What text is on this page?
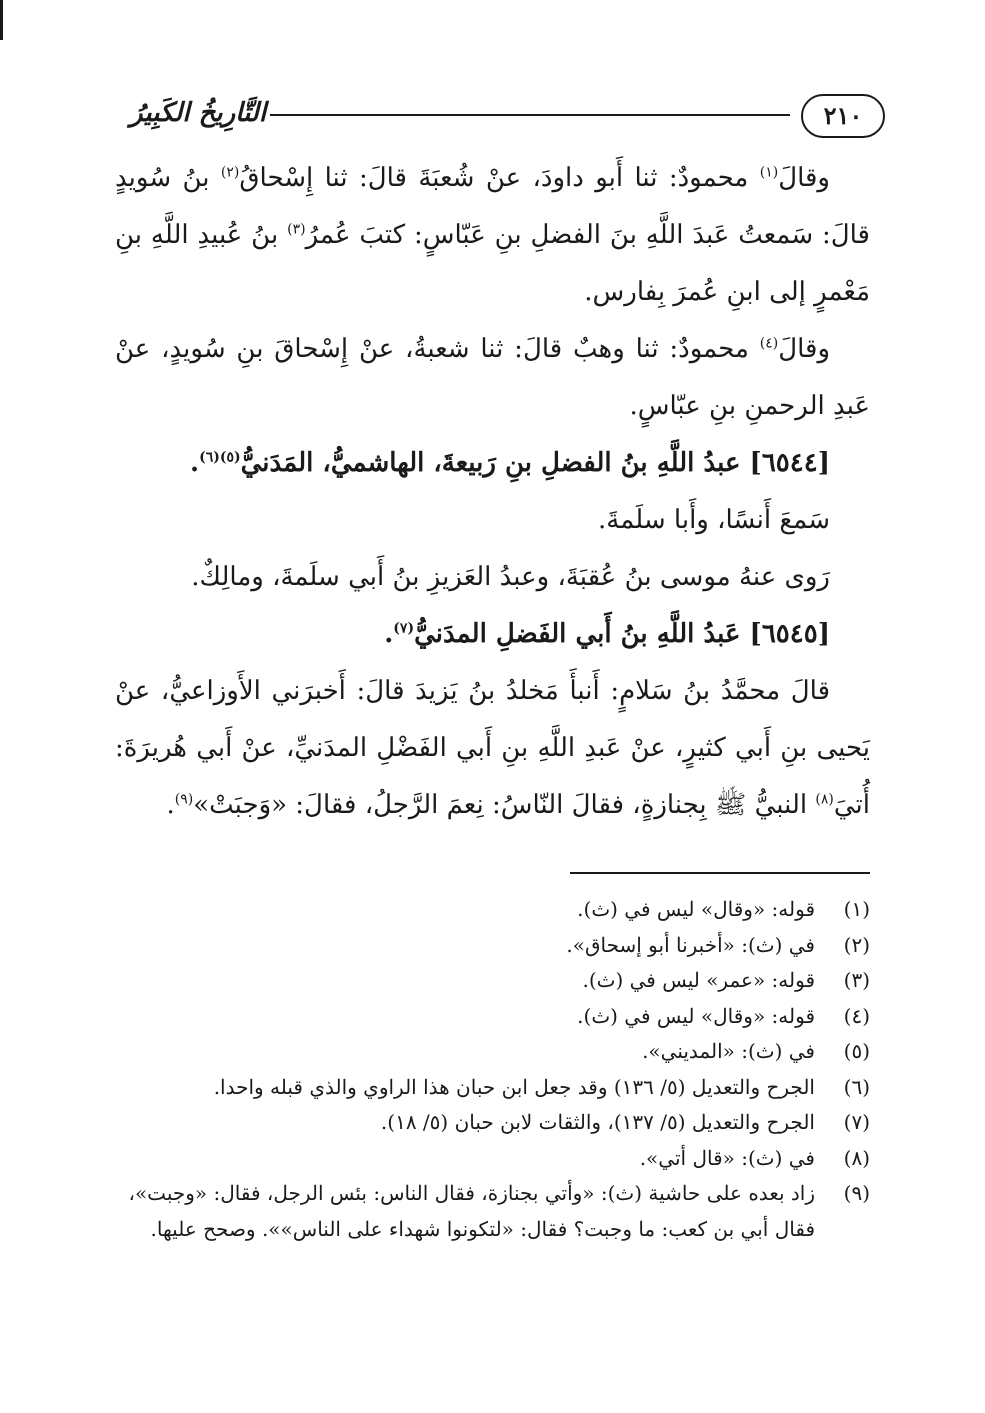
٢١٠
التَّارِيخُ الكَبِيرُ

وقالَ$^{(١)}$ محمودٌ: ثنا أَبو داودَ، عنْ شُعبَةَ قالَ: ثنا إِسْحاقُ$^{(٢)}$ بنُ سُويدٍ قالَ: سَمعتُ عَبدَ اللَّهِ بنَ الفضلِ بنِ عَبّاسٍ: كتبَ عُمرُ$^{(٣)}$ بنُ عُبيدِ اللَّهِ بنِ مَعْمرٍ إلى ابنِ عُمرَ بِفارس.

وقالَ$^{(٤)}$ محمودٌ: ثنا وهبٌ قالَ: ثنا شعبةُ، عنْ إِسْحاقَ بنِ سُويدٍ، عنْ عَبدِ الرحمنِ بنِ عبّاسٍ.

[٦٥٤٤] عبدُ اللَّهِ بنُ الفضلِ بنِ رَبيعةَ، الهاشميُّ، المَدَنيُّ$^{(٥)(٦)}$.

سَمعَ أَنسًا، وأَبا سلَمةَ.

رَوى عنهُ موسى بنُ عُقبَةَ، وعبدُ العَزيزِ بنُ أَبي سلَمةَ، ومالِكٌ.

[٦٥٤٥] عَبدُ اللَّهِ بنُ أَبي الفَضلِ المدَنيُّ$^{(٧)}$.

قالَ محمَّدُ بنُ سَلامٍ: أَنبأَ مَخلدُ بنُ يَزيدَ قالَ: أَخبرَني الأَوزاعيُّ، عنْ يَحيى بنِ أَبي كثيرٍ، عنْ عَبدِ اللَّهِ بنِ أَبي الفَضْلِ المدَنيِّ، عنْ أَبي هُريرَةَ: أُتيَ$^{(٨)}$ النبيُّ ﷺ بِجنازةٍ، فقالَ النّاسُ: نِعمَ الرَّجلُ، فقالَ: «وَجبَتْ»$^{(٩)}$.

(١)
قوله: «وقال» ليس في (ث).
(٢)
في (ث): «أخبرنا أبو إسحاق».
(٣)
قوله: «عمر» ليس في (ث).
(٤)
قوله: «وقال» ليس في (ث).
(٥)
في (ث): «المديني».
(٦)
الجرح والتعديل (٥/ ١٣٦) وقد جعل ابن حبان هذا الراوي والذي قبله واحدا.
(٧)
الجرح والتعديل (٥/ ١٣٧)، والثقات لابن حبان (٥/ ١٨).
(٨)
في (ث): «قال أتي».
(٩)
زاد بعده على حاشية (ث): «وأتي بجنازة، فقال الناس: بئس الرجل، فقال: «وجبت»، فقال أبي بن كعب: ما وجبت؟ فقال: «لتكونوا شهداء على الناس»». وصحح عليها.
